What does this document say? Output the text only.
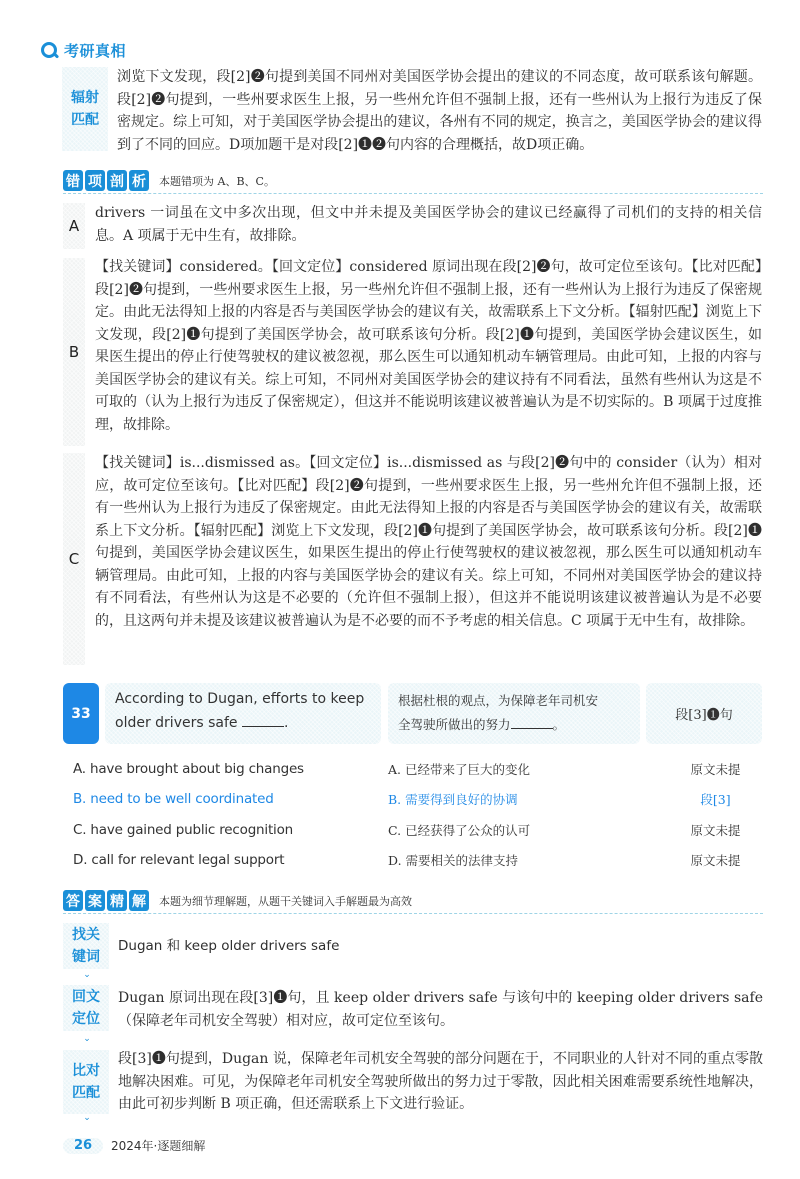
考研真相
辐射
匹配
浏览下文发现，段[2]❷句提到美国不同州对美国医学协会提出的建议的不同态度，故可联系该句解题。段[2]❷句提到，一些州要求医生上报，另一些州允许但不强制上报，还有一些州认为上报行为违反了保密规定。综上可知，对于美国医学协会提出的建议，各州有不同的规定，换言之，美国医学协会的建议得到了不同的回应。D项加题干是对段[2]❶❷句内容的合理概括，故D项正确。
错 项 剖 析 本题错项为 A、B、C。
A
drivers 一词虽在文中多次出现，但文中并未提及美国医学协会的建议已经赢得了司机们的支持的相关信息。A 项属于无中生有，故排除。
B
【找关键词】considered。【回文定位】considered 原词出现在段[2]❷句，故可定位至该句。【比对匹配】段[2]❷句提到，一些州要求医生上报，另一些州允许但不强制上报，还有一些州认为上报行为违反了保密规定。由此无法得知上报的内容是否与美国医学协会的建议有关，故需联系上下文分析。【辐射匹配】浏览上下文发现，段[2]❶句提到了美国医学协会，故可联系该句分析。段[2]❶句提到，美国医学协会建议医生，如果医生提出的停止行使驾驶权的建议被忽视，那么医生可以通知机动车辆管理局。由此可知，上报的内容与美国医学协会的建议有关。综上可知，不同州对美国医学协会的建议持有不同看法，虽然有些州认为这是不可取的（认为上报行为违反了保密规定），但这并不能说明该建议被普遍认为是不切实际的。B 项属于过度推理，故排除。
C
【找关键词】is...dismissed as。【回文定位】is...dismissed as 与段[2]❷句中的 consider（认为）相对应，故可定位至该句。【比对匹配】段[2]❷句提到，一些州要求医生上报，另一些州允许但不强制上报，还有一些州认为上报行为违反了保密规定。由此无法得知上报的内容是否与美国医学协会的建议有关，故需联系上下文分析。【辐射匹配】浏览上下文发现，段[2]❶句提到了美国医学协会，故可联系该句分析。段[2]❶句提到，美国医学协会建议医生，如果医生提出的停止行使驾驶权的建议被忽视，那么医生可以通知机动车辆管理局。由此可知，上报的内容与美国医学协会的建议有关。综上可知，不同州对美国医学协会的建议持有不同看法，有些州认为这是不必要的（允许但不强制上报），但这并不能说明该建议被普遍认为是不必要的，且这两句并未提及该建议被普遍认为是不必要的而不予考虑的相关信息。C 项属于无中生有，故排除。
33
According to Dugan, efforts to keep
older drivers safe	.
根据杜根的观点，为保障老年司机安
全驾驶所做出的努力	。
段[3]❶句
A. have brought about big changes	A. 已经带来了巨大的变化	原文未提
B. need to be well coordinated	B. 需要得到良好的协调	段[3]
C. have gained public recognition	C. 已经获得了公众的认可	原文未提
D. call for relevant legal support	D. 需要相关的法律支持	原文未提
答 案 精 解 本题为细节理解题，从题干关键词入手解题最为高效
找关
键词
⌄
Dugan 和 keep older drivers safe
回文
定位
⌄
Dugan 原词出现在段[3]❶句，且 keep older drivers safe 与该句中的 keeping older drivers safe（保障老年司机安全驾驶）相对应，故可定位至该句。
比对
匹配
⌄
段[3]❶句提到，Dugan 说，保障老年司机安全驾驶的部分问题在于，不同职业的人针对不同的重点零散地解决困难。可见，为保障老年司机安全驾驶所做出的努力过于零散，因此相关困难需要系统性地解决，由此可初步判断 B 项正确，但还需联系上下文进行验证。
26	2024年·逐题细解
